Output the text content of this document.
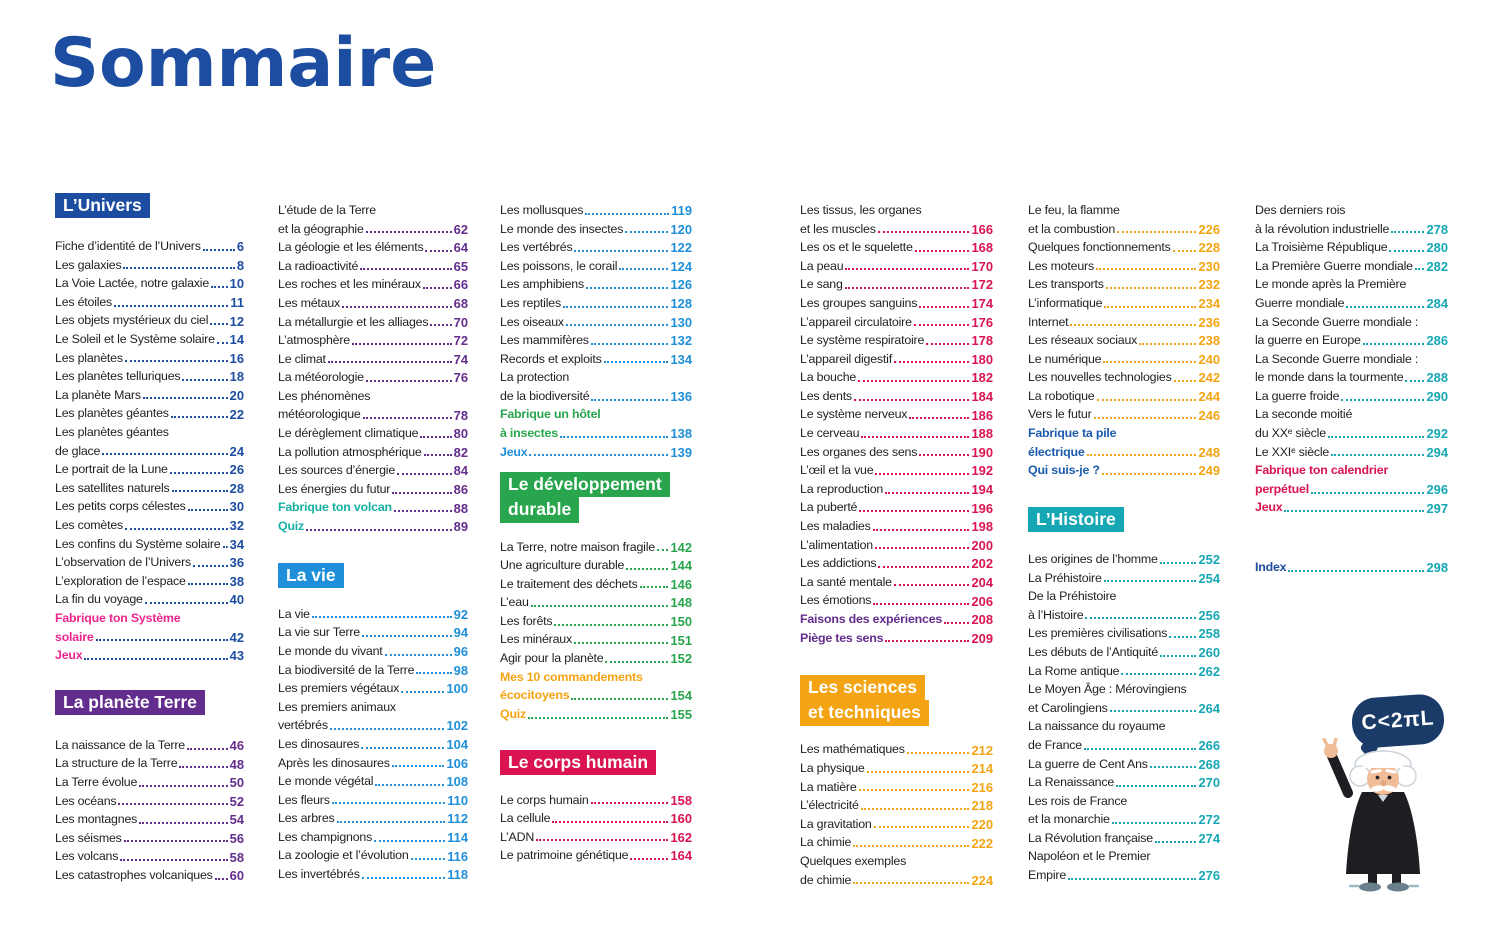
Sommaire
L’Univers
Fiche d’identité de l’Univers	6
Les galaxies	8
La Voie Lactée, notre galaxie 10
Les étoiles	11
Les objets mystérieux du ciel 12
Le Soleil et le Système solaire 14
Les planètes	16
Les planètes telluriques	18
La planète Mars	20
Les planètes géantes	22
Les planètes géantes
de glace	24
Le portrait de la Lune	26
Les satellites naturels	28
Les petits corps célestes	30
Les comètes	32
Les confins du Système solaire 34
L’observation de l’Univers	36
L’exploration de l’espace	38
La fin du voyage	40
Fabrique ton Système
solaire	42
Jeux	43
La planète Terre
La naissance de la Terre	46
La structure de la Terre	48
La Terre évolue	50
Les océans	52
Les montagnes	54
Les séismes	56
Les volcans	58
Les catastrophes volcaniques 60
L’étude de la Terre
et la géographie	62
La géologie et les éléments 64
La radioactivité	65
Les roches et les minéraux	66
Les métaux	68
La métallurgie et les alliages 70
L’atmosphère	72
Le climat	74
La météorologie	76
Les phénomènes
météorologique	78
Le dérèglement climatique	80
La pollution atmosphérique 82
Les sources d’énergie	84
Les énergies du futur	86
Fabrique ton volcan	88
Quiz	89
La vie
La vie	92
La vie sur Terre	94
Le monde du vivant	96
La biodiversité de la Terre	98
Les premiers végétaux	100
Les premiers animaux
vertébrés	102
Les dinosaures	104
Après les dinosaures	106
Le monde végétal	108
Les fleurs	110
Les arbres	112
Les champignons	114
La zoologie et l’évolution	116
Les invertébrés	118
Les mollusques	119
Le monde des insectes	120
Les vertébrés	122
Les poissons, le corail	124
Les amphibiens	126
Les reptiles	128
Les oiseaux	130
Les mammifères	132
Records et exploits	134
La protection
de la biodiversité	136
Fabrique un hôtel
à insectes	138
Jeux	139
Le développement
durable
La Terre, notre maison fragile 142
Une agriculture durable	144
Le traitement des déchets	146
L’eau	148
Les forêts	150
Les minéraux	151
Agir pour la planète	152
Mes 10 commandements
écocitoyens	154
Quiz	155
Le corps humain
Le corps humain	158
La cellule	160
L’ADN	162
Le patrimoine génétique	164
Les tissus, les organes
et les muscles	166
Les os et le squelette	168
La peau	170
Le sang	172
Les groupes sanguins	174
L’appareil circulatoire	176
Le système respiratoire	178
L’appareil digestif	180
La bouche	182
Les dents	184
Le système nerveux	186
Le cerveau	188
Les organes des sens	190
L’œil et la vue	192
La reproduction	194
La puberté	196
Les maladies	198
L’alimentation	200
Les addictions	202
La santé mentale	204
Les émotions	206
Faisons des expériences 208
Piège tes sens	209
Les sciences
et techniques
Les mathématiques	212
La physique	214
La matière	216
L’électricité	218
La gravitation	220
La chimie	222
Quelques exemples
de chimie	224
Le feu, la flamme
et la combustion	226
Quelques fonctionnements 228
Les moteurs	230
Les transports	232
L’informatique	234
Internet	236
Les réseaux sociaux	238
Le numérique	240
Les nouvelles technologies 242
La robotique	244
Vers le futur	246
Fabrique ta pile
électrique	248
Qui suis-je ?	249
L’Histoire
Les origines de l’homme	252
La Préhistoire	254
De la Préhistoire
à l’Histoire	256
Les premières civilisations 258
Les débuts de l’Antiquité	260
La Rome antique	262
Le Moyen Âge : Mérovingiens
et Carolingiens	264
La naissance du royaume
de France	266
La guerre de Cent Ans	268
La Renaissance	270
Les rois de France
et la monarchie	272
La Révolution française	274
Napoléon et le Premier
Empire	276
Des derniers rois
à la révolution industrielle	278
La Troisième République	280
La Première Guerre mondiale 282
Le monde après la Première
Guerre mondiale	284
La Seconde Guerre mondiale :
la guerre en Europe	286
La Seconde Guerre mondiale :
le monde dans la tourmente 288
La guerre froide	290
La seconde moitié
du XXᵉ siècle	292
Le XXIᵉ siècle	294
Fabrique ton calendrier
perpétuel	296
Jeux	297
Index	298
C<2πL
